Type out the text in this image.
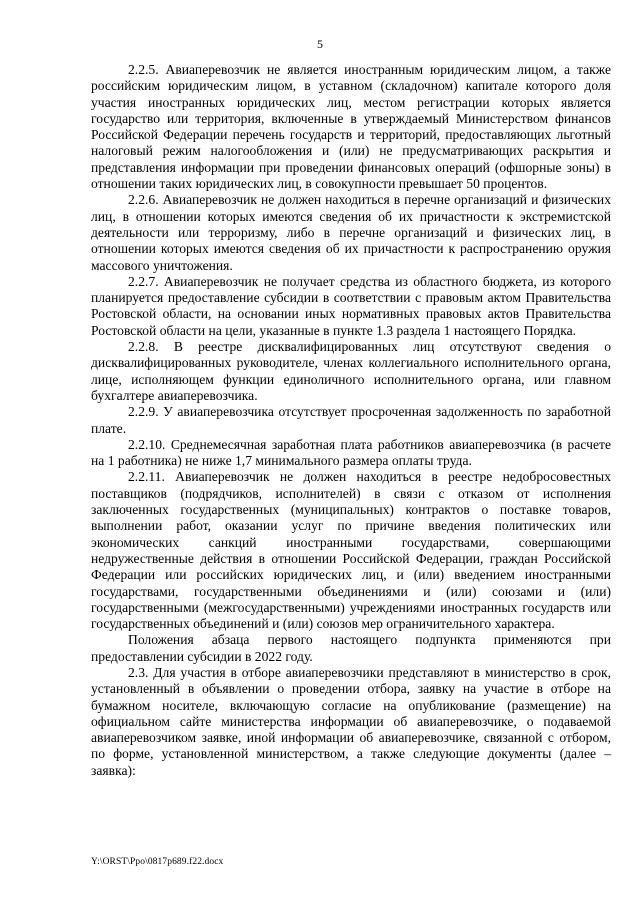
5

2.2.5. Авиаперевозчик не является иностранным юридическим лицом, а также российским юридическим лицом, в уставном (складочном) капитале которого доля участия иностранных юридических лиц, местом регистрации которых является государство или территория, включенные в утверждаемый Министерством финансов Российской Федерации перечень государств и территорий, предоставляющих льготный налоговый режим налогообложения и (или) не предусматривающих раскрытия и представления информации при проведении финансовых операций (офшорные зоны) в отношении таких юридических лиц, в совокупности превышает 50 процентов.

2.2.6. Авиаперевозчик не должен находиться в перечне организаций и физических лиц, в отношении которых имеются сведения об их причастности к экстремистской деятельности или терроризму, либо в перечне организаций и физических лиц, в отношении которых имеются сведения об их причастности к распространению оружия массового уничтожения.

2.2.7. Авиаперевозчик не получает средства из областного бюджета, из которого планируется предоставление субсидии в соответствии с правовым актом Правительства Ростовской области, на основании иных нормативных правовых актов Правительства Ростовской области на цели, указанные в пункте 1.3 раздела 1 настоящего Порядка.

2.2.8. В реестре дисквалифицированных лиц отсутствуют сведения о дисквалифицированных руководителе, членах коллегиального исполнительного органа, лице, исполняющем функции единоличного исполнительного органа, или главном бухгалтере авиаперевозчика.

2.2.9. У авиаперевозчика отсутствует просроченная задолженность по заработной плате.

2.2.10. Среднемесячная заработная плата работников авиаперевозчика (в расчете на 1 работника) не ниже 1,7 минимального размера оплаты труда.

2.2.11. Авиаперевозчик не должен находиться в реестре недобросовестных поставщиков (подрядчиков, исполнителей) в связи с отказом от исполнения заключенных государственных (муниципальных) контрактов о поставке товаров, выполнении работ, оказании услуг по причине введения политических или экономических санкций иностранными государствами, совершающими недружественные действия в отношении Российской Федерации, граждан Российской Федерации или российских юридических лиц, и (или) введением иностранными государствами, государственными объединениями и (или) союзами и (или) государственными (межгосударственными) учреждениями иностранных государств или государственных объединений и (или) союзов мер ограничительного характера.

Положения абзаца первого настоящего подпункта применяются при предоставлении субсидии в 2022 году.

2.3. Для участия в отборе авиаперевозчики представляют в министерство в срок, установленный в объявлении о проведении отбора, заявку на участие в отборе на бумажном носителе, включающую согласие на опубликование (размещение) на официальном сайте министерства информации об авиаперевозчике, о подаваемой авиаперевозчиком заявке, иной информации об авиаперевозчике, связанной с отбором, по форме, установленной министерством, а также следующие документы (далее – заявка):

Y:\ORST\Ppo\0817p689.f22.docx
